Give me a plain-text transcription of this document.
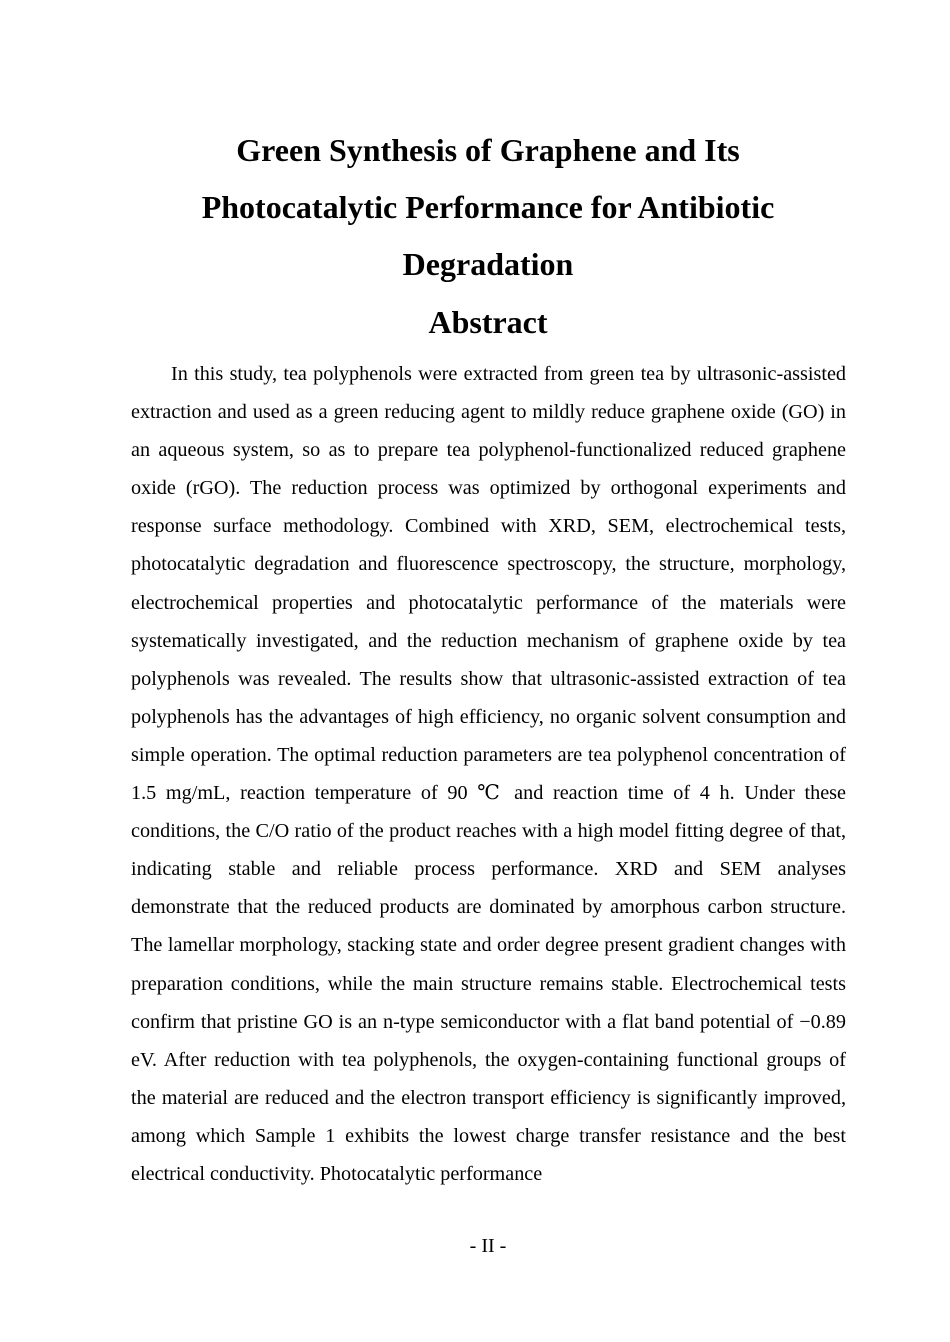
Green Synthesis of Graphene and Its
Photocatalytic Performance for Antibiotic
Degradation
Abstract

In this study, tea polyphenols were extracted from green tea by ultrasonic-assisted extraction and used as a green reducing agent to mildly reduce graphene oxide (GO) in an aqueous system, so as to prepare tea polyphenol-functionalized reduced graphene oxide (rGO). The reduction process was optimized by orthogonal experiments and response surface methodology. Combined with XRD, SEM, electrochemical tests, photocatalytic degradation and fluorescence spectroscopy, the structure, morphology, electrochemical properties and photocatalytic performance of the materials were systematically investigated, and the reduction mechanism of graphene oxide by tea polyphenols was revealed. The results show that ultrasonic-assisted extraction of tea polyphenols has the advantages of high efficiency, no organic solvent consumption and simple operation. The optimal reduction parameters are tea polyphenol concentration of 1.5 mg/mL, reaction temperature of 90 ℃ and reaction time of 4 h. Under these conditions, the C/O ratio of the product reaches with a high model fitting degree of that, indicating stable and reliable process performance. XRD and SEM analyses demonstrate that the reduced products are dominated by amorphous carbon structure. The lamellar morphology, stacking state and order degree present gradient changes with preparation conditions, while the main structure remains stable. Electrochemical tests confirm that pristine GO is an n-type semiconductor with a flat band potential of −0.89 eV. After reduction with tea polyphenols, the oxygen-containing functional groups of the material are reduced and the electron transport efficiency is significantly improved, among which Sample 1 exhibits the lowest charge transfer resistance and the best electrical conductivity. Photocatalytic performance

- II -
